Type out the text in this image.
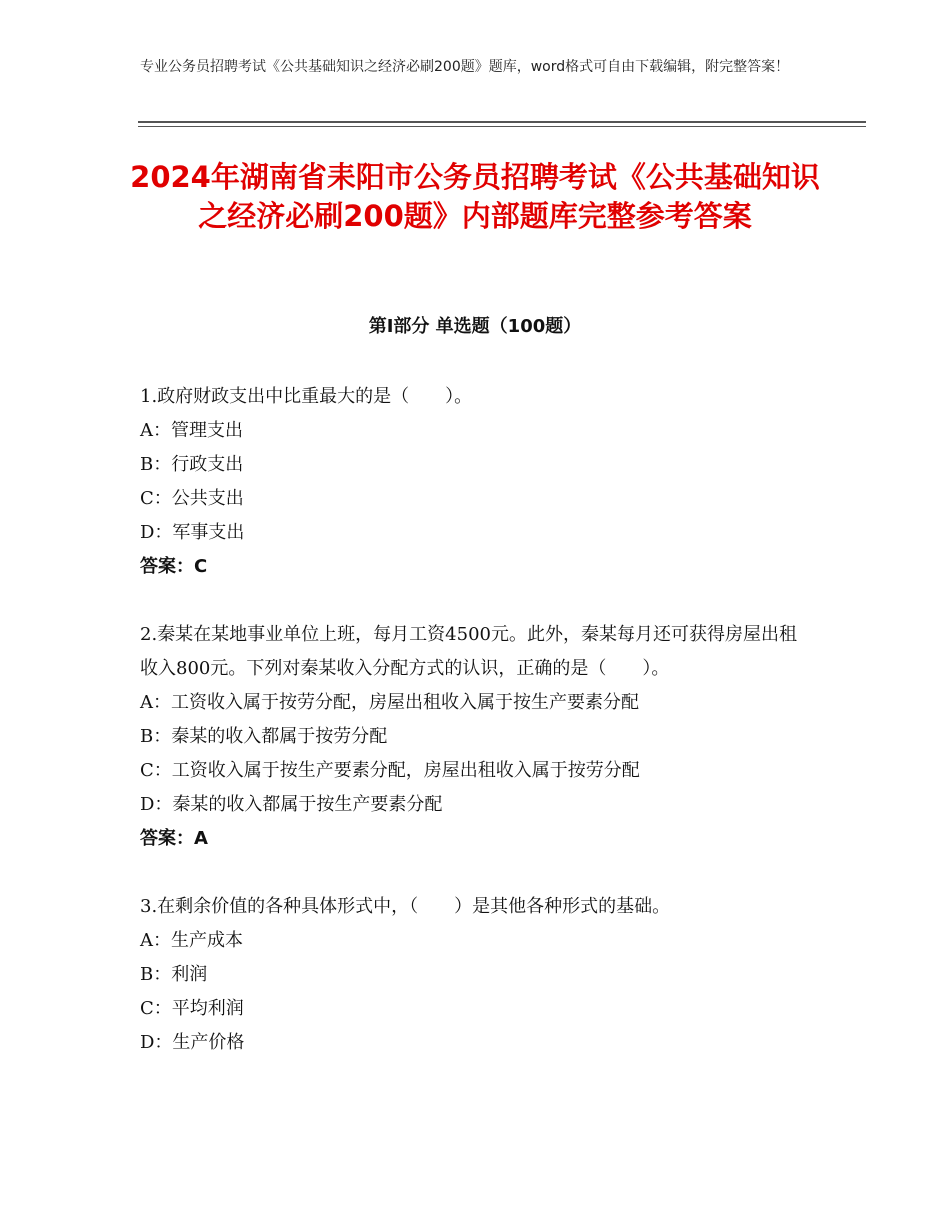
专业公务员招聘考试《公共基础知识之经济必刷200题》题库，word格式可自由下载编辑，附完整答案！
2024年湖南省耒阳市公务员招聘考试《公共基础知识之经济必刷200题》内部题库完整参考答案
第Ⅰ部分 单选题（100题）
1.政府财政支出中比重最大的是（　　）。
A：管理支出
B：行政支出
C：公共支出
D：军事支出
答案：C
2.秦某在某地事业单位上班，每月工资4500元。此外，秦某每月还可获得房屋出租收入800元。下列对秦某收入分配方式的认识，正确的是（　　）。
A：工资收入属于按劳分配，房屋出租收入属于按生产要素分配
B：秦某的收入都属于按劳分配
C：工资收入属于按生产要素分配，房屋出租收入属于按劳分配
D：秦某的收入都属于按生产要素分配
答案：A
3.在剩余价值的各种具体形式中，（　　）是其他各种形式的基础。
A：生产成本
B：利润
C：平均利润
D：生产价格
